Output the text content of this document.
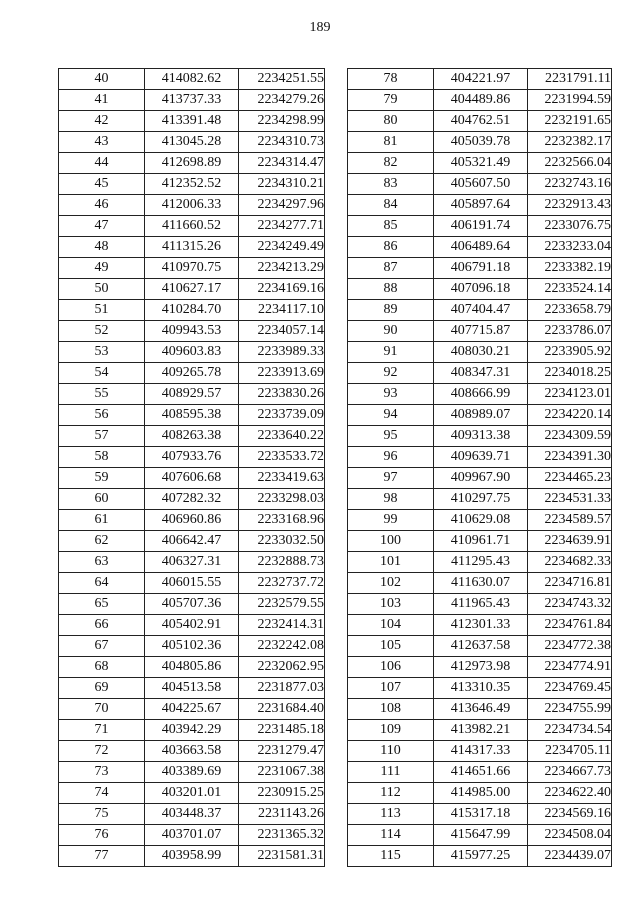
189
40	414082.62	2234251.55
41	413737.33	2234279.26
42	413391.48	2234298.99
43	413045.28	2234310.73
44	412698.89	2234314.47
45	412352.52	2234310.21
46	412006.33	2234297.96
47	411660.52	2234277.71
48	411315.26	2234249.49
49	410970.75	2234213.29
50	410627.17	2234169.16
51	410284.70	2234117.10
52	409943.53	2234057.14
53	409603.83	2233989.33
54	409265.78	2233913.69
55	408929.57	2233830.26
56	408595.38	2233739.09
57	408263.38	2233640.22
58	407933.76	2233533.72
59	407606.68	2233419.63
60	407282.32	2233298.03
61	406960.86	2233168.96
62	406642.47	2233032.50
63	406327.31	2232888.73
64	406015.55	2232737.72
65	405707.36	2232579.55
66	405402.91	2232414.31
67	405102.36	2232242.08
68	404805.86	2232062.95
69	404513.58	2231877.03
70	404225.67	2231684.40
71	403942.29	2231485.18
72	403663.58	2231279.47
73	403389.69	2231067.38
74	403201.01	2230915.25
75	403448.37	2231143.26
76	403701.07	2231365.32
77	403958.99	2231581.31
78	404221.97	2231791.11
79	404489.86	2231994.59
80	404762.51	2232191.65
81	405039.78	2232382.17
82	405321.49	2232566.04
83	405607.50	2232743.16
84	405897.64	2232913.43
85	406191.74	2233076.75
86	406489.64	2233233.04
87	406791.18	2233382.19
88	407096.18	2233524.14
89	407404.47	2233658.79
90	407715.87	2233786.07
91	408030.21	2233905.92
92	408347.31	2234018.25
93	408666.99	2234123.01
94	408989.07	2234220.14
95	409313.38	2234309.59
96	409639.71	2234391.30
97	409967.90	2234465.23
98	410297.75	2234531.33
99	410629.08	2234589.57
100	410961.71	2234639.91
101	411295.43	2234682.33
102	411630.07	2234716.81
103	411965.43	2234743.32
104	412301.33	2234761.84
105	412637.58	2234772.38
106	412973.98	2234774.91
107	413310.35	2234769.45
108	413646.49	2234755.99
109	413982.21	2234734.54
110	414317.33	2234705.11
111	414651.66	2234667.73
112	414985.00	2234622.40
113	415317.18	2234569.16
114	415647.99	2234508.04
115	415977.25	2234439.07
